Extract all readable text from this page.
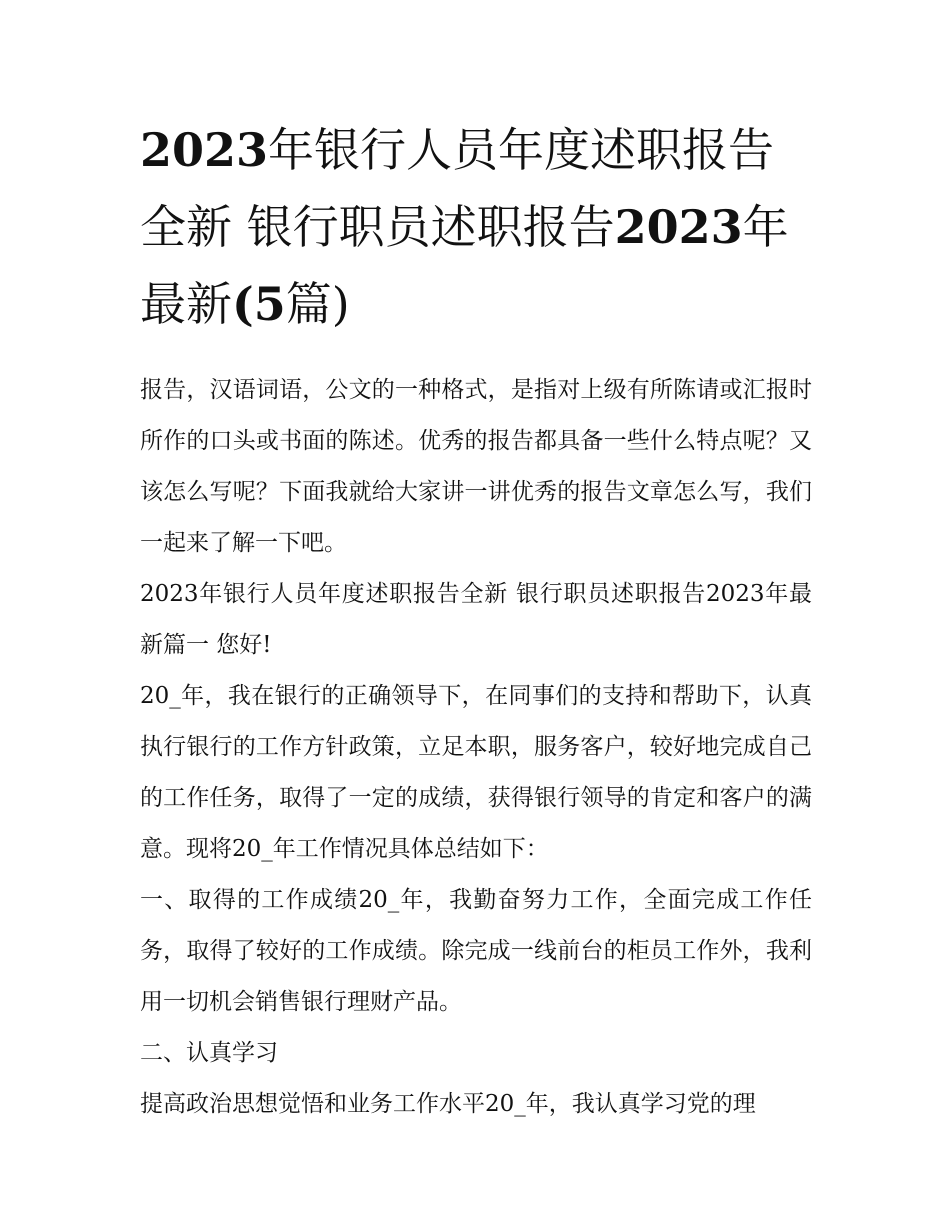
2023年银行人员年度述职报告全新 银行职员述职报告2023年最新(5篇)

报告，汉语词语，公文的一种格式，是指对上级有所陈请或汇报时所作的口头或书面的陈述。优秀的报告都具备一些什么特点呢？又该怎么写呢？下面我就给大家讲一讲优秀的报告文章怎么写，我们一起来了解一下吧。

2023年银行人员年度述职报告全新 银行职员述职报告2023年最新篇一 您好!

20_年，我在银行的正确领导下，在同事们的支持和帮助下，认真执行银行的工作方针政策，立足本职，服务客户，较好地完成自己的工作任务，取得了一定的成绩，获得银行领导的肯定和客户的满意。现将20_年工作情况具体总结如下：

一、取得的工作成绩20_年，我勤奋努力工作，全面完成工作任务，取得了较好的工作成绩。除完成一线前台的柜员工作外，我利用一切机会销售银行理财产品。

二、认真学习

提高政治思想觉悟和业务工作水平20_年，我认真学习党的理
